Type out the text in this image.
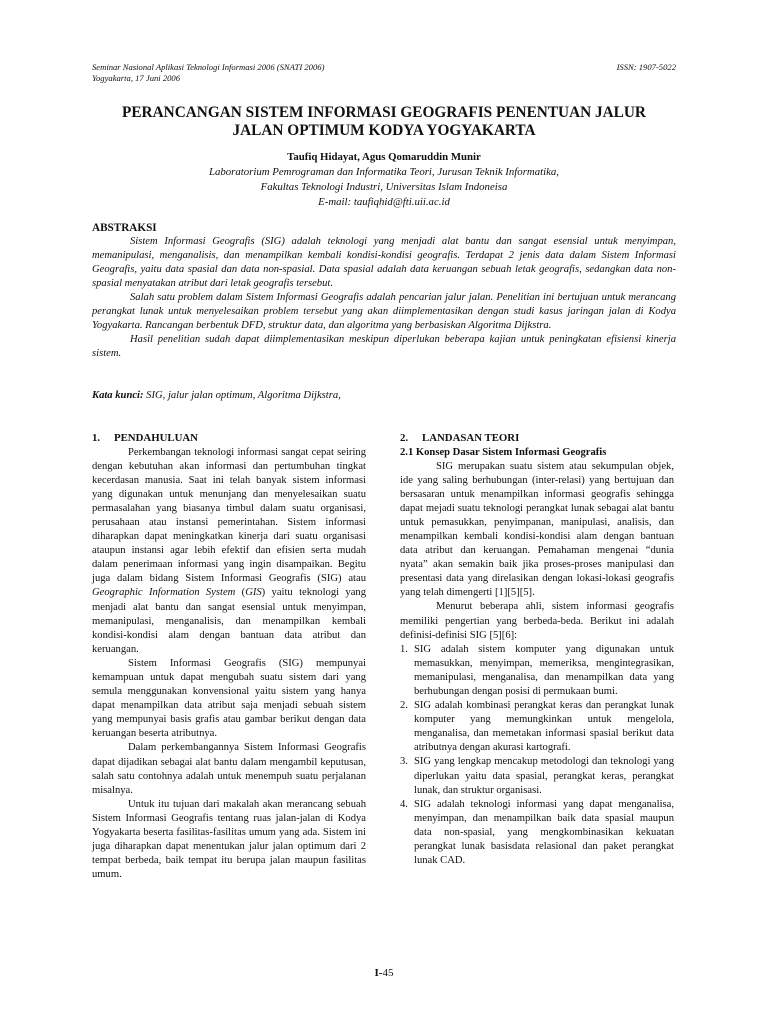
Seminar Nasional Aplikasi Teknologi Informasi 2006 (SNATI 2006)
Yogyakarta, 17 Juni 2006
ISSN: 1907-5022
PERANCANGAN SISTEM INFORMASI GEOGRAFIS PENENTUAN JALUR
JALAN OPTIMUM KODYA YOGYAKARTA
Taufiq Hidayat, Agus Qomaruddin Munir
Laboratorium Pemrograman dan Informatika Teori, Jurusan Teknik Informatika,
Fakultas Teknologi Industri, Universitas Islam Indoneisa
E-mail: taufiqhid@fti.uii.ac.id
ABSTRAKSI

Sistem Informasi Geografis (SIG) adalah teknologi yang menjadi alat bantu dan sangat esensial untuk menyimpan, memanipulasi, menganalisis, dan menampilkan kembali kondisi-kondisi geografis. Terdapat 2 jenis data dalam Sistem Informasi Geografis, yaitu data spasial dan data non-spasial. Data spasial adalah data keruangan sebuah letak geografis, sedangkan data non-spasial menyatakan atribut dari letak geografis tersebut.

Salah satu problem dalam Sistem Informasi Geografis adalah pencarian jalur jalan. Penelitian ini bertujuan untuk merancang perangkat lunak untuk menyelesaikan problem tersebut yang akan diimplementasikan dengan studi kasus jaringan jalan di Kodya Yogyakarta. Rancangan berbentuk DFD, struktur data, dan algoritma yang berbasiskan Algoritma Dijkstra.

Hasil penelitian sudah dapat diimplementasikan meskipun diperlukan beberapa kajian untuk peningkatan efisiensi kinerja sistem.

Kata kunci: SIG, jalur jalan optimum, Algoritma Dijkstra,
1. PENDAHULUAN

Perkembangan teknologi informasi sangat cepat seiring dengan kebutuhan akan informasi dan pertumbuhan tingkat kecerdasan manusia. Saat ini telah banyak sistem informasi yang digunakan untuk menunjang dan menyelesaikan suatu permasalahan yang biasanya timbul dalam suatu organisasi, perusahaan atau instansi pemerintahan. Sistem informasi diharapkan dapat meningkatkan kinerja dari suatu organisasi ataupun instansi agar lebih efektif dan efisien serta mudah dalam penerimaan informasi yang ingin disampaikan. Begitu juga dalam bidang Sistem Informasi Geografis (SIG) atau Geographic Information System (GIS) yaitu teknologi yang menjadi alat bantu dan sangat esensial untuk menyimpan, memanipulasi, menganalisis, dan menampilkan kembali kondisi-kondisi alam dengan bantuan data atribut dan keruangan.

Sistem Informasi Geografis (SIG) mempunyai kemampuan untuk dapat mengubah suatu sistem dari yang semula menggunakan konvensional yaitu sistem yang hanya dapat menampilkan data atribut saja menjadi sebuah sistem yang mempunyai basis grafis atau gambar berikut dengan data keruangan beserta atributnya.

Dalam perkembangannya Sistem Informasi Geografis dapat dijadikan sebagai alat bantu dalam mengambil keputusan, salah satu contohnya adalah untuk menempuh suatu perjalanan misalnya.

Untuk itu tujuan dari makalah akan merancang sebuah Sistem Informasi Geografis tentang ruas jalan-jalan di Kodya Yogyakarta beserta fasilitas-fasilitas umum yang ada. Sistem ini juga diharapkan dapat menentukan jalur jalan optimum dari 2 tempat berbeda, baik tempat itu berupa jalan maupun fasilitas umum.

2. LANDASAN TEORI
2.1 Konsep Dasar Sistem Informasi Geografis

SIG merupakan suatu sistem atau sekumpulan objek, ide yang saling berhubungan (inter-relasi) yang bertujuan dan bersasaran untuk menampilkan informasi geografis sehingga dapat mejadi suatu teknologi perangkat lunak sebagai alat bantu untuk pemasukkan, penyimpanan, manipulasi, analisis, dan menampilkan kembali kondisi-kondisi alam dengan bantuan data atribut dan keruangan. Pemahaman mengenai “dunia nyata” akan semakin baik jika proses-proses manipulasi dan presentasi data yang direlasikan dengan lokasi-lokasi geografis yang telah dimengerti [1][5][5].

Menurut beberapa ahli, sistem informasi geografis memiliki pengertian yang berbeda-beda. Berikut ini adalah definisi-definisi SIG [5][6]:

1. SIG adalah sistem komputer yang digunakan untuk memasukkan, menyimpan, memeriksa, mengintegrasikan, memanipulasi, menganalisa, dan menampilkan data yang berhubungan dengan posisi di permukaan bumi.
2. SIG adalah kombinasi perangkat keras dan perangkat lunak komputer yang memungkinkan untuk mengelola, menganalisa, dan memetakan informasi spasial berikut data atributnya dengan akurasi kartografi.
3. SIG yang lengkap mencakup metodologi dan teknologi yang diperlukan yaitu data spasial, perangkat keras, perangkat lunak, dan struktur organisasi.
4. SIG adalah teknologi informasi yang dapat menganalisa, menyimpan, dan menampilkan baik data spasial maupun data non-spasial, yang mengkombinasikan kekuatan perangkat lunak basisdata relasional dan paket perangkat lunak CAD.
I-45
